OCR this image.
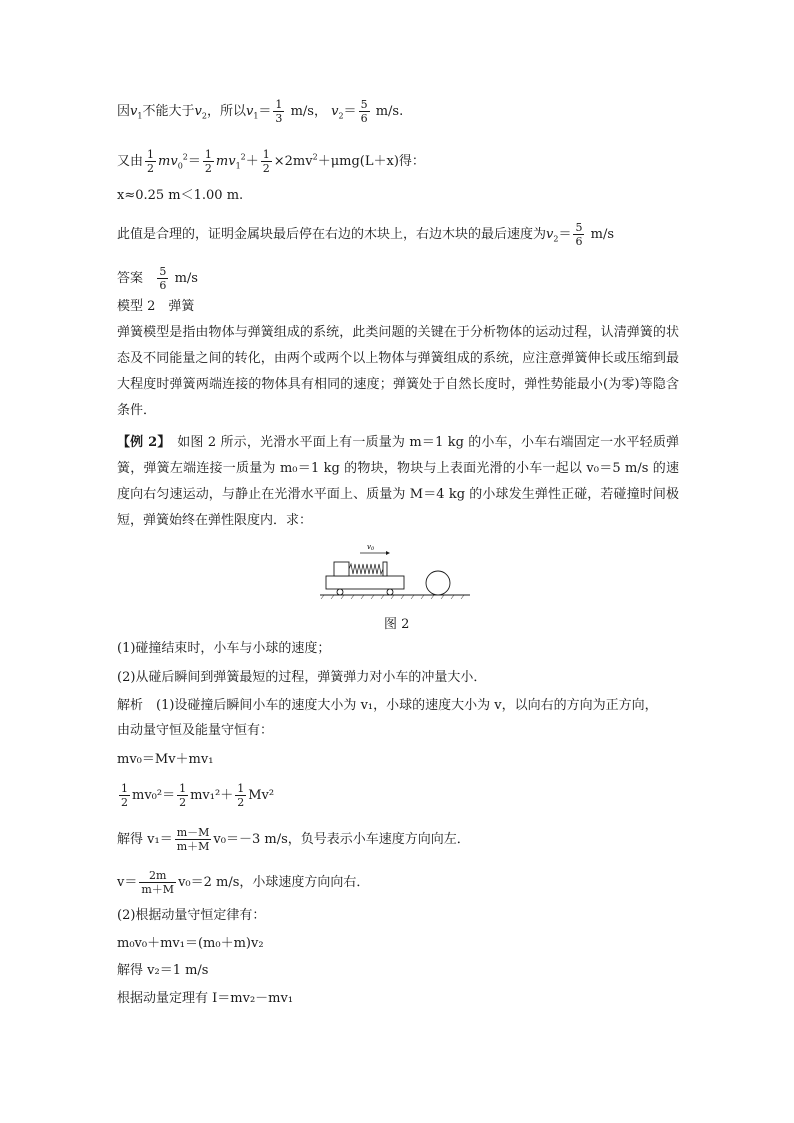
因$v_1$不能大于$v_2$，所以$v_1= \frac{1}{3} m/s$， $v_2= \frac{5}{6} m/s$.
又由 $\frac{1}{2} mv_0^2= \frac{1}{2} mv_1^2+ \frac{1}{2} \times 2mv^2+\mu mg(L+x)$得：
x≈0.25 m＜1.00 m.
此值是合理的，证明金属块最后停在右边的木块上，右边木块的最后速度为$v_2= \frac{5}{6} m/s$
答案 $\frac{5}{6} m/s$
模型 2　弹簧
弹簧模型是指由物体与弹簧组成的系统，此类问题的关键在于分析物体的运动过程，认清弹簧的状态及不同能量之间的转化，由两个或两个以上物体与弹簧组成的系统，应注意弹簧伸长或压缩到最大程度时弹簧两端连接的物体具有相同的速度；弹簧处于自然长度时，弹性势能最小(为零)等隐含条件．
【例 2】　如图 2 所示，光滑水平面上有一质量为 m＝1 kg 的小车，小车右端固定一水平轻质弹簧，弹簧左端连接一质量为 m₀＝1 kg 的物块，物块与上表面光滑的小车一起以 v₀＝5 m/s 的速度向右匀速运动，与静止在光滑水平面上、质量为 M＝4 kg 的小球发生弹性正碰，若碰撞时间极短，弹簧始终在弹性限度内．求：
v0
图 2
(1)碰撞结束时，小车与小球的速度；
(2)从碰后瞬间到弹簧最短的过程，弹簧弹力对小车的冲量大小．
解析　(1)设碰撞后瞬间小车的速度大小为 v₁，小球的速度大小为 v，以向右的方向为正方向，
由动量守恒及能量守恒有：
mv₀＝Mv＋mv₁
$\frac{1}{2} mv_0^2= \frac{1}{2} mv_1^2+ \frac{1}{2} Mv^2$
解得 $v_1= \frac{m-M}{m+M} v_0=-3$ m/s，负号表示小车速度方向向左．
$v= \frac{2m}{m+M} v_0=2$ m/s，小球速度方向向右．
(2)根据动量守恒定律有：
m₀v₀＋mv₁＝(m₀＋m)v₂
解得 v₂＝1 m/s
根据动量定理有 I＝mv₂－mv₁
